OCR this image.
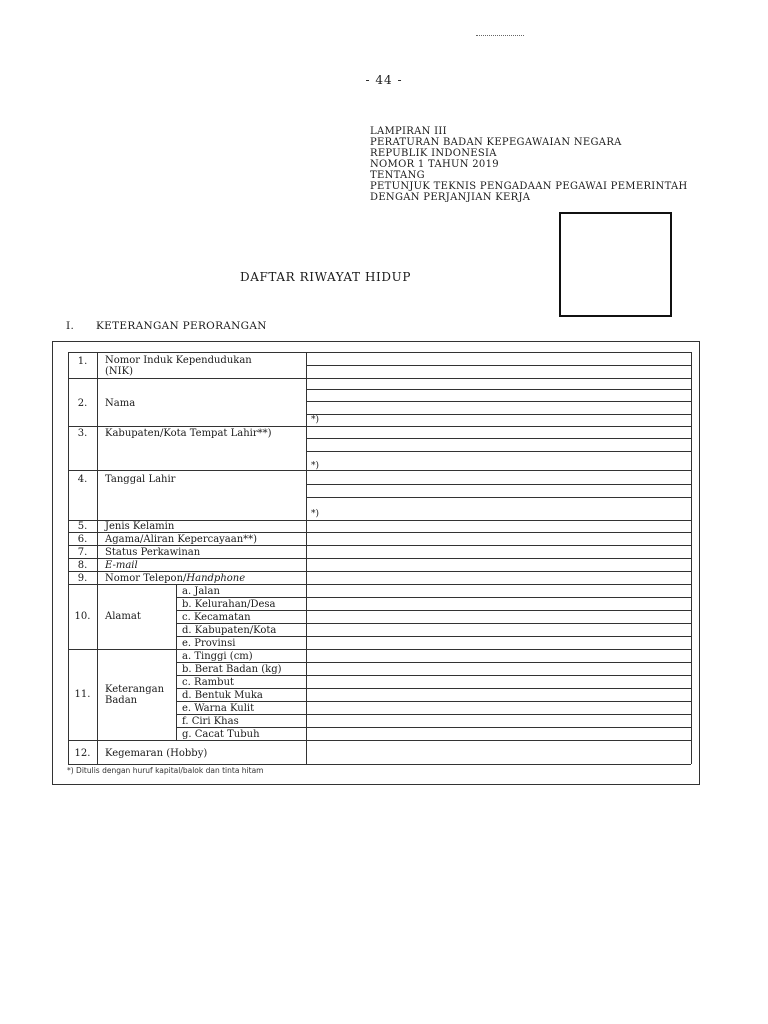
- 44 -
LAMPIRAN III
PERATURAN BADAN KEPEGAWAIAN NEGARA
REPUBLIK INDONESIA
NOMOR 1 TAHUN 2019
TENTANG
PETUNJUK TEKNIS PENGADAAN PEGAWAI PEMERINTAH
DENGAN PERJANJIAN KERJA
DAFTAR RIWAYAT HIDUP
I. KETERANGAN PERORANGAN
*)
*)
*)
1.	Nomor Induk Kependudukan
(NIK)
2.	Nama
3.	Kabupaten/Kota Tempat Lahir**)
4.	Tanggal Lahir
5.	Jenis Kelamin
6.	Agama/Aliran Kepercayaan**)
7.	Status Perkawinan
8.	E-mail
9.	Nomor Telepon/Handphone
10.	Alamat
a. Jalan
b. Kelurahan/Desa
c. Kecamatan
d. Kabupaten/Kota
e. Provinsi
11.	Keterangan
Badan
a. Tinggi (cm)
b. Berat Badan (kg)
c. Rambut
d. Bentuk Muka
e. Warna Kulit
f. Ciri Khas
g. Cacat Tubuh
12.	Kegemaran (Hobby)
*) Ditulis dengan huruf kapital/balok dan tinta hitam
